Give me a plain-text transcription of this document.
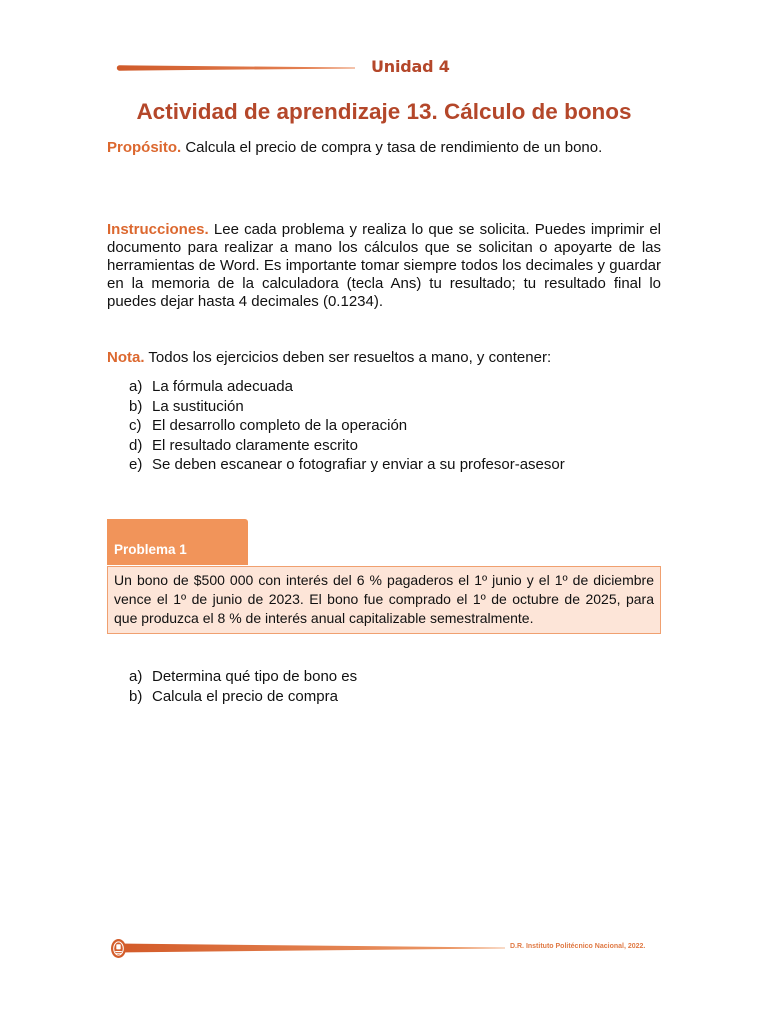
Unidad 4
Actividad de aprendizaje 13. Cálculo de bonos

Propósito. Calcula el precio de compra y tasa de rendimiento de un bono.

Instrucciones. Lee cada problema y realiza lo que se solicita. Puedes imprimir el documento para realizar a mano los cálculos que se solicitan o apoyarte de las herramientas de Word. Es importante tomar siempre todos los decimales y guardar en la memoria de la calculadora (tecla Ans) tu resultado; tu resultado final lo puedes dejar hasta 4 decimales (0.1234).

Nota. Todos los ejercicios deben ser resueltos a mano, y contener:

a) La fórmula adecuada
b) La sustitución
c) El desarrollo completo de la operación
d) El resultado claramente escrito
e) Se deben escanear o fotografiar y enviar a su profesor-asesor
Problema 1

Un bono de $500 000 con interés del 6 % pagaderos el 1º junio y el 1º de diciembre vence el 1º de junio de 2023. El bono fue comprado el 1º de octubre de 2025, para que produzca el 8 % de interés anual capitalizable semestralmente.

a) Determina qué tipo de bono es
b) Calcula el precio de compra
D.R. Instituto Politécnico Nacional, 2022.
